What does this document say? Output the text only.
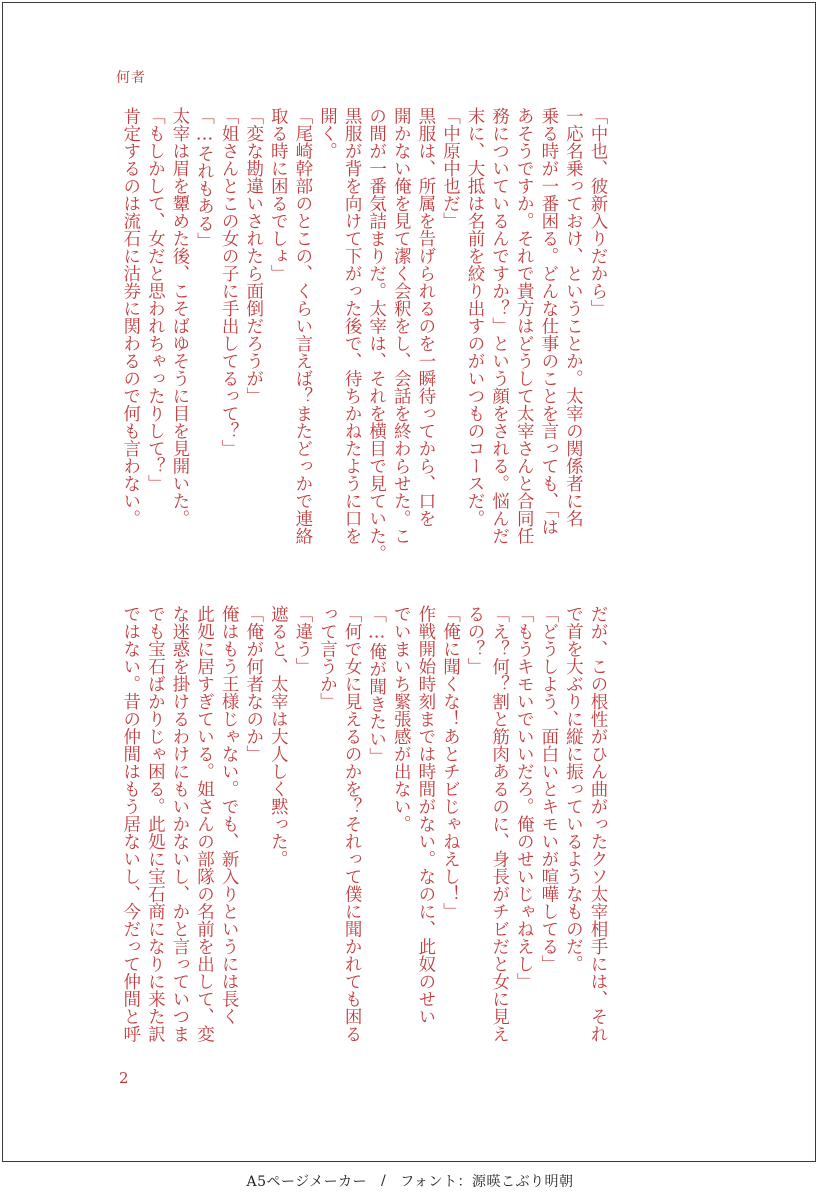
何者

「中也、彼新入りだから」

一応名乗っておけ、ということか。太宰の関係者に名

乗る時が一番困る。どんな仕事のことを言っても、「は

あそうですか。それで貴方はどうして太宰さんと合同任

務についているんですか？」という顔をされる。悩んだ

末に、大抵は名前を絞り出すのがいつものコースだ。

「中原中也だ」

黒服は、所属を告げられるのを一瞬待ってから、口を

開かない俺を見て潔く会釈をし、会話を終わらせた。こ

の間が一番気詰まりだ。太宰は、それを横目で見ていた。

黒服が背を向けて下がった後で、待ちかねたように口を

開く。

「尾崎幹部のとこの、くらい言えば？またどっかで連絡

取る時に困るでしょ」

「変な勘違いされたら面倒だろうが」

「姐さんとこの女の子に手出してるって？」

「…それもある」

太宰は眉を顰めた後、こそばゆそうに目を見開いた。

「もしかして、女だと思われちゃったりして？」

肯定するのは流石に沽券に関わるので何も言わない。

だが、この根性がひん曲がったクソ太宰相手には、それ

で首を大ぶりに縦に振っているようなものだ。

「どうしよう、面白いとキモいが喧嘩してる」

「もうキモいでいいだろ。俺のせいじゃねえし」

「え？何？割と筋肉あるのに、身長がチビだと女に見え

るの？」

「俺に聞くな！あとチビじゃねえし！」

作戦開始時刻までは時間がない。なのに、此奴のせい

でいまいち緊張感が出ない。

「…俺が聞きたい」

「何で女に見えるのかを？それって僕に聞かれても困る

って言うか」

「違う」

遮ると、太宰は大人しく黙った。

「俺が何者なのか」

俺はもう王様じゃない。でも、新入りというには長く

此処に居すぎている。姐さんの部隊の名前を出して、変

な迷惑を掛けるわけにもいかないし、かと言っていつま

でも宝石ばかりじゃ困る。此処に宝石商になりに来た訳

ではない。昔の仲間はもう居ないし、今だって仲間と呼

2
A5ページメーカー / フォント：源暎こぶり明朝
